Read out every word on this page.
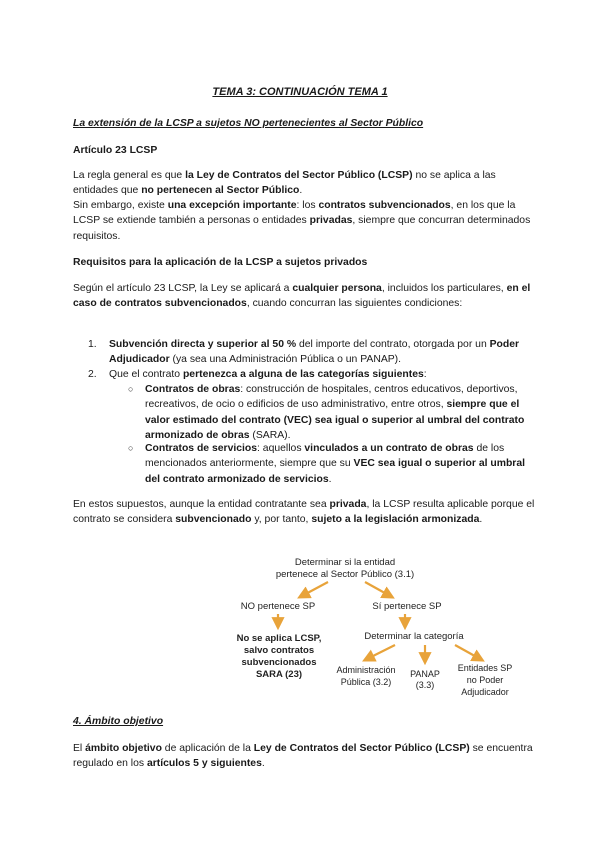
TEMA 3: CONTINUACIÓN TEMA 1
La extensión de la LCSP a sujetos NO pertenecientes al Sector Público
Artículo 23 LCSP

La regla general es que la Ley de Contratos del Sector Público (LCSP) no se aplica a las entidades que no pertenecen al Sector Público.

Sin embargo, existe una excepción importante: los contratos subvencionados, en los que la LCSP se extiende también a personas o entidades privadas, siempre que concurran determinados requisitos.

Requisitos para la aplicación de la LCSP a sujetos privados

Según el artículo 23 LCSP, la Ley se aplicará a cualquier persona, incluidos los particulares, en el caso de contratos subvencionados, cuando concurran las siguientes condiciones:

1. Subvención directa y superior al 50 % del importe del contrato, otorgada por un Poder Adjudicador (ya sea una Administración Pública o un PANAP).
2. Que el contrato pertenezca a alguna de las categorías siguientes:
○ Contratos de obras: construcción de hospitales, centros educativos, deportivos, recreativos, de ocio o edificios de uso administrativo, entre otros, siempre que el valor estimado del contrato (VEC) sea igual o superior al umbral del contrato armonizado de obras (SARA).
○ Contratos de servicios: aquellos vinculados a un contrato de obras de los mencionados anteriormente, siempre que su VEC sea igual o superior al umbral del contrato armonizado de servicios.

En estos supuestos, aunque la entidad contratante sea privada, la LCSP resulta aplicable porque el contrato se considera subvencionado y, por tanto, sujeto a la legislación armonizada.

Determinar si la entidad
pertenece al Sector Público (3.1)
NO pertenece SP	Sí pertenece SP
No se aplica LCSP,
salvo contratos
subvencionados
SARA (23)
Determinar la categoría
Administración
Pública (3.2)
PANAP
(3.3)
Entidades SP
no Poder
Adjudicador
4. Ámbito objetivo

El ámbito objetivo de aplicación de la Ley de Contratos del Sector Público (LCSP) se encuentra regulado en los artículos 5 y siguientes.
